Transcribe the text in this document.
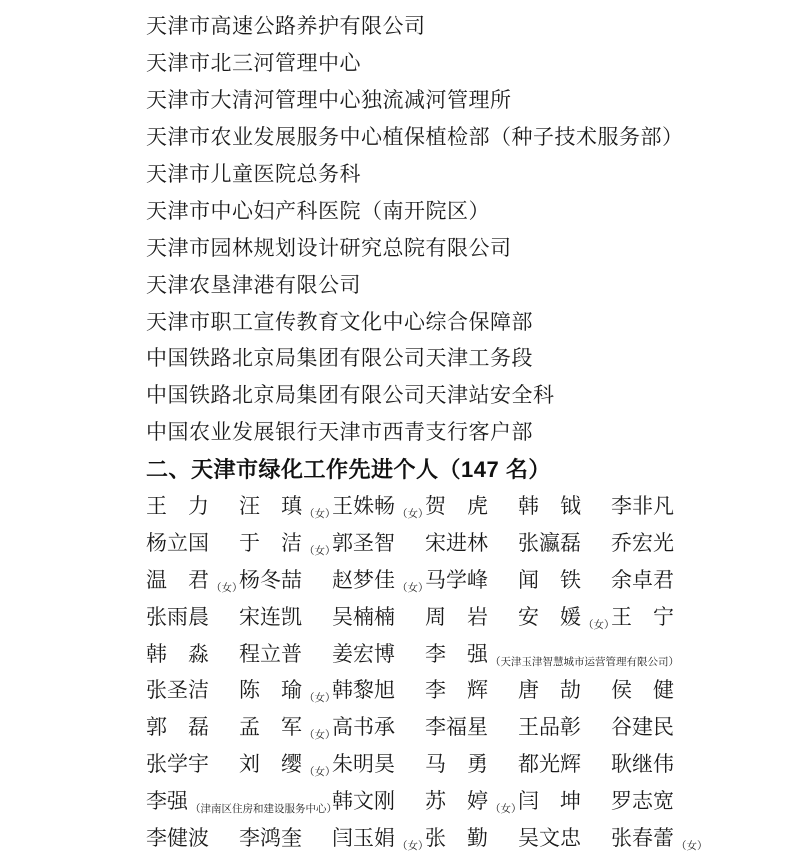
天津市高速公路养护有限公司
天津市北三河管理中心
天津市大清河管理中心独流减河管理所
天津市农业发展服务中心植保植检部（种子技术服务部）
天津市儿童医院总务科
天津市中心妇产科医院（南开院区）
天津市园林规划设计研究总院有限公司
天津农垦津港有限公司
天津市职工宣传教育文化中心综合保障部
中国铁路北京局集团有限公司天津工务段
中国铁路北京局集团有限公司天津站安全科
中国农业发展银行天津市西青支行客户部
二、天津市绿化工作先进个人（147 名）
王　力 汪　瑱 （女）
王姝畅 （女）
贺　虎 韩　钺 李非凡
杨立国 于　洁 （女）
郭圣智 宋进林 张瀛磊 乔宏光
温　君 （女）
杨冬喆 赵梦佳 （女）
马学峰 闻　铁 余卓君
张雨晨 宋连凯 吴楠楠 周　岩 安　媛 （女）
王　宁
韩　淼 程立普 姜宏博 李　强 （天津玉津智慧城市运营管理有限公司）
张圣洁 陈　瑜 （女）
韩黎旭 李　辉 唐　劼 侯　健
郭　磊 孟　军 （女）
高书承 李福星 王品彰 谷建民
张学宇 刘　缨 （女）
朱明昊 马　勇 都光辉 耿继伟
李强 （津南区住房和建设服务中心）
韩文刚 苏　婷 （女）
闫　坤 罗志宽
李健波 李鸿奎 闫玉娟 （女）
张　勤 吴文忠 张春蕾 （女）
